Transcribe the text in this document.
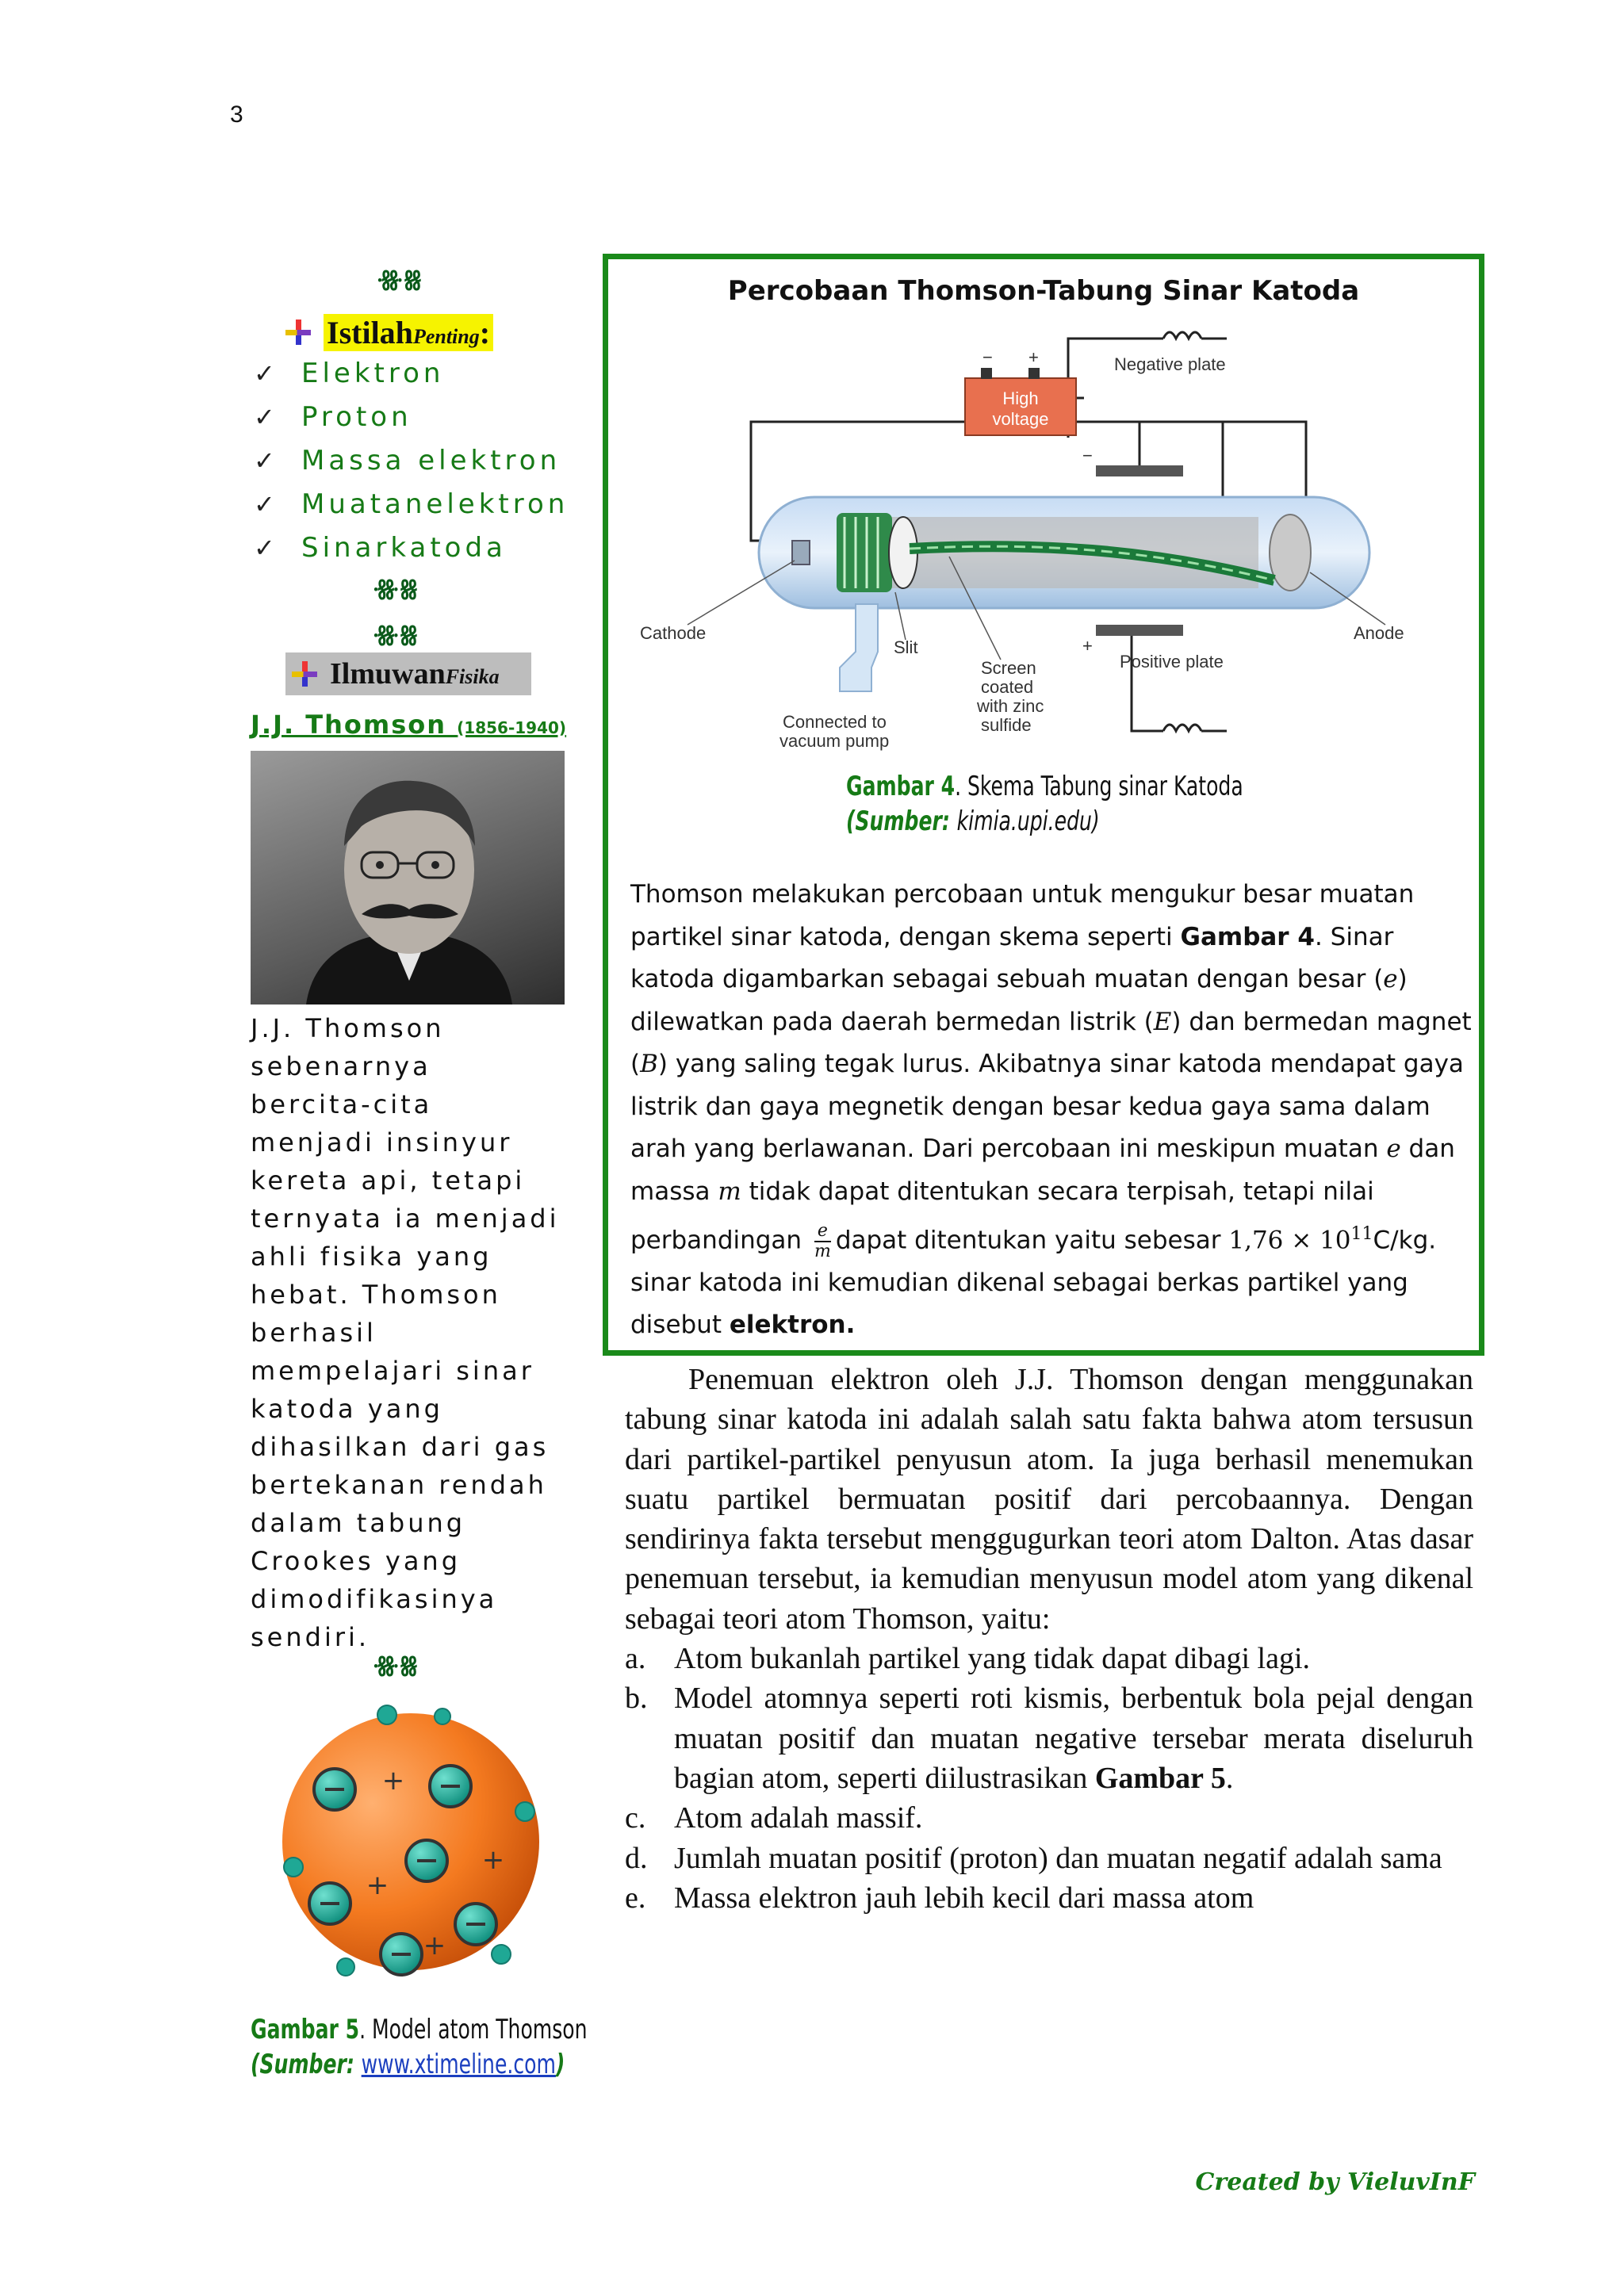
3
ꗥꗤ
IstilahPenting:
✓ Elektron
✓ Proton
✓ Massa elektron
✓ Muatanelektron
✓ Sinarkatoda
ꗥꗤ
ꗥꗤ
IlmuwanFisika
J.J. Thomson (1856-1940)
J.J. Thomson
sebenarnya
bercita-cita
menjadi insinyur
kereta api, tetapi
ternyata ia menjadi
ahli fisika yang
hebat. Thomson
berhasil
mempelajari sinar
katoda yang
dihasilkan dari gas
bertekanan rendah
dalam tabung
Crookes yang
dimodifikasinya
sendiri.
ꗥꗤ
+
+
+
+
Gambar 5. Model atom Thomson
(Sumber: www.xtimeline.com)
Percobaan Thomson-Tabung Sinar Katoda
− +
High
voltage
−
+
Negative plate
Positive plate
Cathode	Anode
Slit
Screen
coated
with zinc
sulfide
Connected to
vacuum pump
Gambar 4. Skema Tabung sinar Katoda
(Sumber: kimia.upi.edu)
Thomson melakukan percobaan untuk mengukur besar muatan partikel sinar katoda, dengan skema seperti Gambar 4. Sinar katoda digambarkan sebagai sebuah muatan dengan besar (e) dilewatkan pada daerah bermedan listrik (E) dan bermedan magnet (B) yang saling tegak lurus. Akibatnya sinar katoda mendapat gaya listrik dan gaya megnetik dengan besar kedua gaya sama dalam arah yang berlawanan. Dari percobaan ini meskipun muatan e dan massa m tidak dapat ditentukan secara terpisah, tetapi nilai perbandingan $\frac{e}{m}$ dapat ditentukan yaitu sebesar $1,76 \times 10^{11}C/kg$. sinar katoda ini kemudian dikenal sebagai berkas partikel yang disebut elektron.

Penemuan elektron oleh J.J. Thomson dengan menggunakan tabung sinar katoda ini adalah salah satu fakta bahwa atom tersusun dari partikel-partikel penyusun atom. Ia juga berhasil menemukan suatu partikel bermuatan positif dari percobaannya. Dengan sendirinya fakta tersebut menggugurkan teori atom Dalton. Atas dasar penemuan tersebut, ia kemudian menyusun model atom yang dikenal sebagai teori atom Thomson, yaitu:

a. Atom bukanlah partikel yang tidak dapat dibagi lagi.
b. Model atomnya seperti roti kismis, berbentuk bola pejal dengan muatan positif dan muatan negative tersebar merata diseluruh bagian atom, seperti diilustrasikan Gambar 5.
c. Atom adalah massif.
d. Jumlah muatan positif (proton) dan muatan negatif adalah sama
e. Massa elektron jauh lebih kecil dari massa atom
Created by VieluvInF
